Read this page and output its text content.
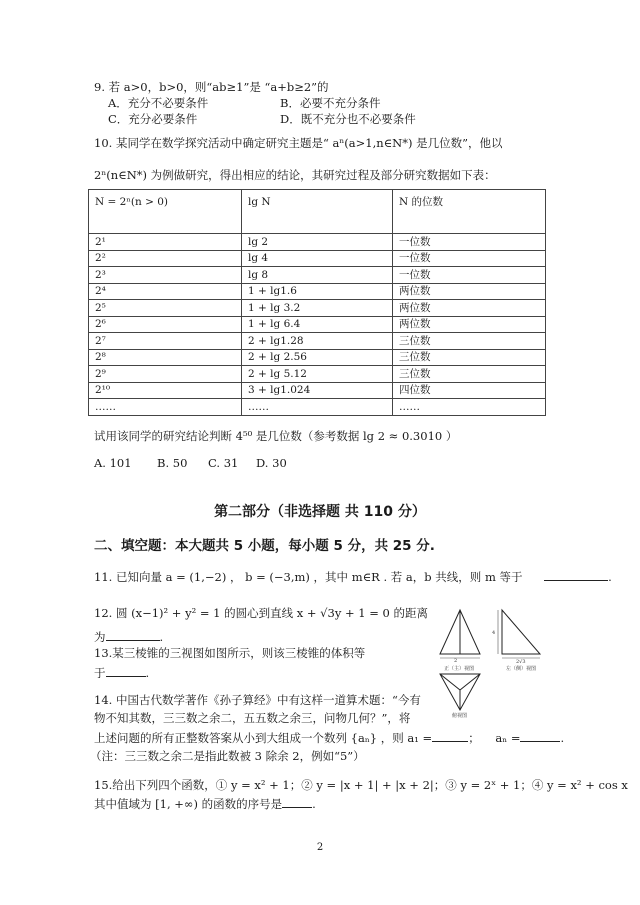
9. 若 a>0，b>0，则“ab≥1”是 “a+b≥2”的
A．充分不必要条件	B．必要不充分条件
C．充分必要条件	D．既不充分也不必要条件
10. 某同学在数学探究活动中确定研究主题是“ aⁿ(a>1,n∈N*) 是几位数”，他以
2ⁿ(n∈N*) 为例做研究，得出相应的结论，其研究过程及部分研究数据如下表：
N = 2ⁿ(n > 0)	lg N	N 的位数
2¹	lg 2	一位数
2²	lg 4	一位数
2³	lg 8	一位数
2⁴	1 + lg1.6	两位数
2⁵	1 + lg 3.2	两位数
2⁶	1 + lg 6.4	两位数
2⁷	2 + lg1.28	三位数
2⁸	2 + lg 2.56	三位数
2⁹	2 + lg 5.12	三位数
2¹⁰	3 + lg1.024	四位数
……	……	……
试用该同学的研究结论判断 4⁵⁰ 是几位数（参考数据 lg 2 ≈ 0.3010 ）
A. 101 B. 50 C. 31 D. 30
第二部分（非选择题 共 110 分）
二、填空题：本大题共 5 小题，每小题 5 分，共 25 分.
11. 已知向量 a = (1,−2) ， b = (−3,m) ，其中 m∈R . 若 a，b 共线，则 m 等于	.
12. 圆 (x−1)² + y² = 1 的圆心到直线 x + √3y + 1 = 0 的距离
为	.
13.某三棱锥的三视图如图所示，则该三棱锥的体积等
于	.
2
正（主）视图
4
2√3
左（侧）视图
俯视图
14. 中国古代数学著作《孙子算经》中有这样一道算术题：“今有
物不知其数，三三数之余二，五五数之余三，问物几何？”，将
上述问题的所有正整数答案从小到大组成一个数列 {aₙ} ，则 a₁ =	； aₙ =	.
（注：三三数之余二是指此数被 3 除余 2，例如“5”）
15.给出下列四个函数，① y = x² + 1；② y = |x + 1| + |x + 2|；③ y = 2ˣ + 1；④ y = x² + cos x
其中值域为 [1, +∞) 的函数的序号是	.
2
